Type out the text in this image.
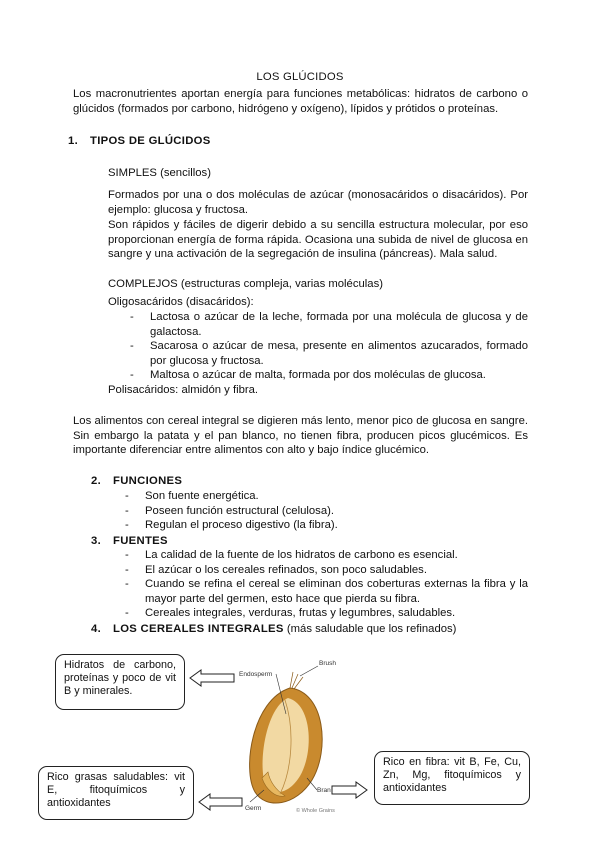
LOS GLÚCIDOS

Los macronutrientes aportan energía para funciones metabólicas: hidratos de carbono o glúcidos (formados por carbono, hidrógeno y oxígeno), lípidos y prótidos o proteínas.

1. TIPOS DE GLÚCIDOS

SIMPLES (sencillos)

Formados por una o dos moléculas de azúcar (monosacáridos o disacáridos). Por ejemplo: glucosa y fructosa.

Son rápidos y fáciles de digerir debido a su sencilla estructura molecular, por eso proporcionan energía de forma rápida. Ocasiona una subida de nivel de glucosa en sangre y una activación de la segregación de insulina (páncreas). Mala salud.

COMPLEJOS (estructuras compleja, varias moléculas)

Oligosacáridos (disacáridos):

- Lactosa o azúcar de la leche, formada por una molécula de glucosa y de galactosa.
- Sacarosa o azúcar de mesa, presente en alimentos azucarados, formado por glucosa y fructosa.
- Maltosa o azúcar de malta, formada por dos moléculas de glucosa.

Polisacáridos: almidón y fibra.

Los alimentos con cereal integral se digieren más lento, menor pico de glucosa en sangre. Sin embargo la patata y el pan blanco, no tienen fibra, producen picos glucémicos. Es importante diferenciar entre alimentos con alto y bajo índice glucémico.

2. FUNCIONES
- Son fuente energética.
- Poseen función estructural (celulosa).
- Regulan el proceso digestivo (la fibra).
3. FUENTES
- La calidad de la fuente de los hidratos de carbono es esencial.
- El azúcar o los cereales refinados, son poco saludables.
- Cuando se refina el cereal se eliminan dos coberturas externas la fibra y la mayor parte del germen, esto hace que pierda su fibra.
- Cereales integrales, verduras, frutas y legumbres, saludables.
4. LOS CEREALES INTEGRALES (más saludable que los refinados)
Hidratos de carbono, proteínas y poco de vit B y minerales.
Rico grasas saludables: vit E, fitoquímicos y antioxidantes
Rico en fibra: vit B, Fe, Cu, Zn, Mg, fitoquímicos y antioxidantes
Endosperm
Brush
Bran
Germ	© Whole Grains
